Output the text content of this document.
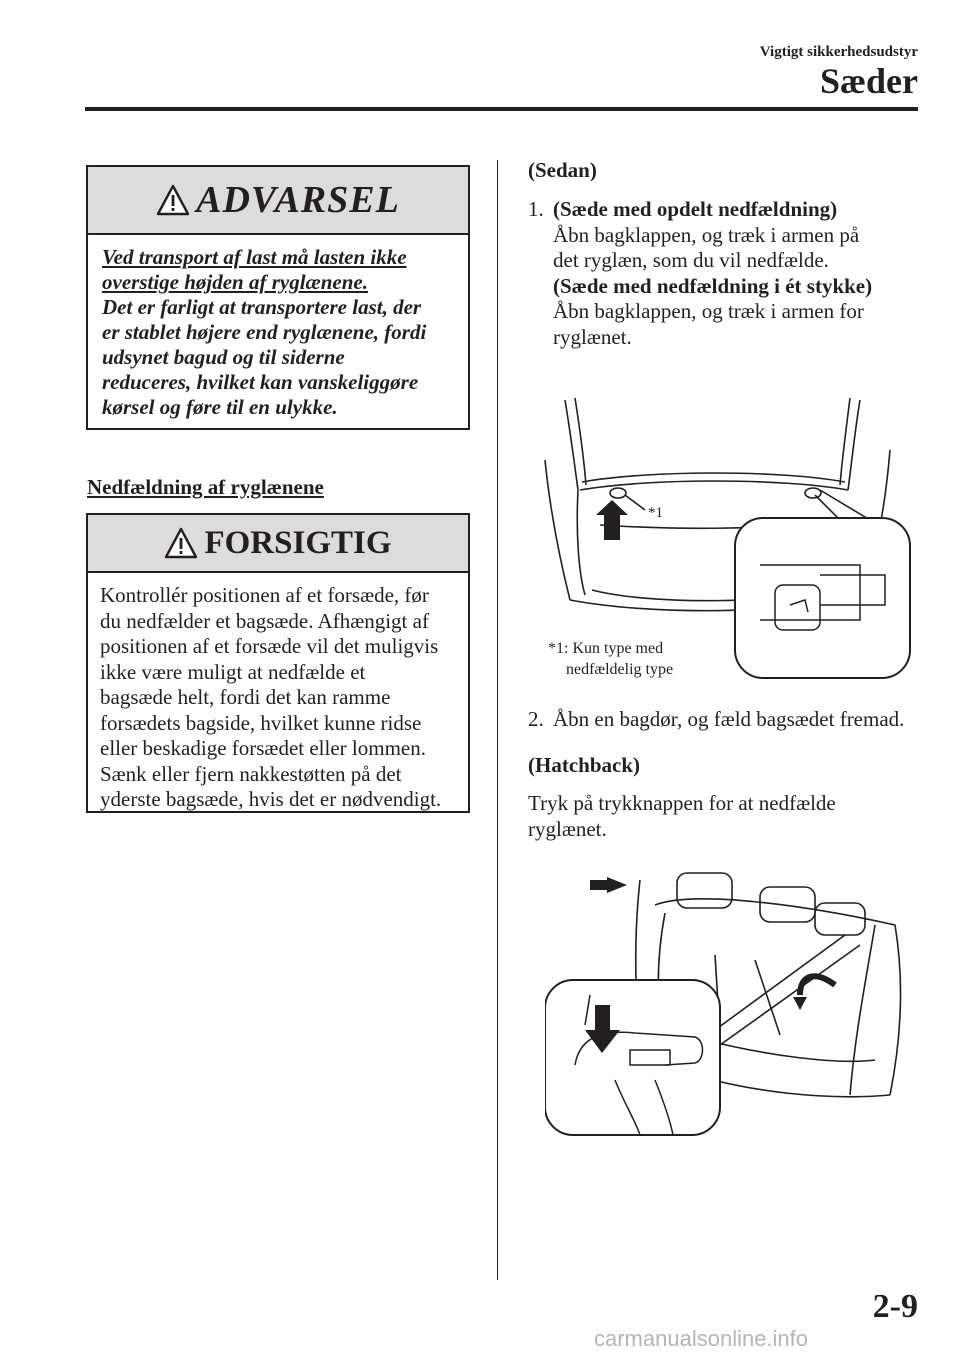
Vigtigt sikkerhedsudstyr
Sæder
ADVARSEL
Ved transport af last må lasten ikke
overstige højden af ryglænene.
Det er farligt at transportere last, der
er stablet højere end ryglænene, fordi
udsynet bagud og til siderne
reduceres, hvilket kan vanskeliggøre
kørsel og føre til en ulykke.
Nedfældning af ryglænene
FORSIGTIG
Kontrollér positionen af et forsæde, før
du nedfælder et bagsæde. Afhængigt af
positionen af et forsæde vil det muligvis
ikke være muligt at nedfælde et
bagsæde helt, fordi det kan ramme
forsædets bagside, hvilket kunne ridse
eller beskadige forsædet eller lommen.
Sænk eller fjern nakkestøtten på det
yderste bagsæde, hvis det er nødvendigt.
(Sedan)
1. (Sæde med opdelt nedfældning)
Åbn bagklappen, og træk i armen på
det ryglæn, som du vil nedfælde.
(Sæde med nedfældning i ét stykke)
Åbn bagklappen, og træk i armen for
ryglænet.
*1
*1: Kun type med
nedfældelig type
2. Åbn en bagdør, og fæld bagsædet fremad.
(Hatchback)
Tryk på trykknappen for at nedfælde
ryglænet.
2-9
carmanualsonline.info
